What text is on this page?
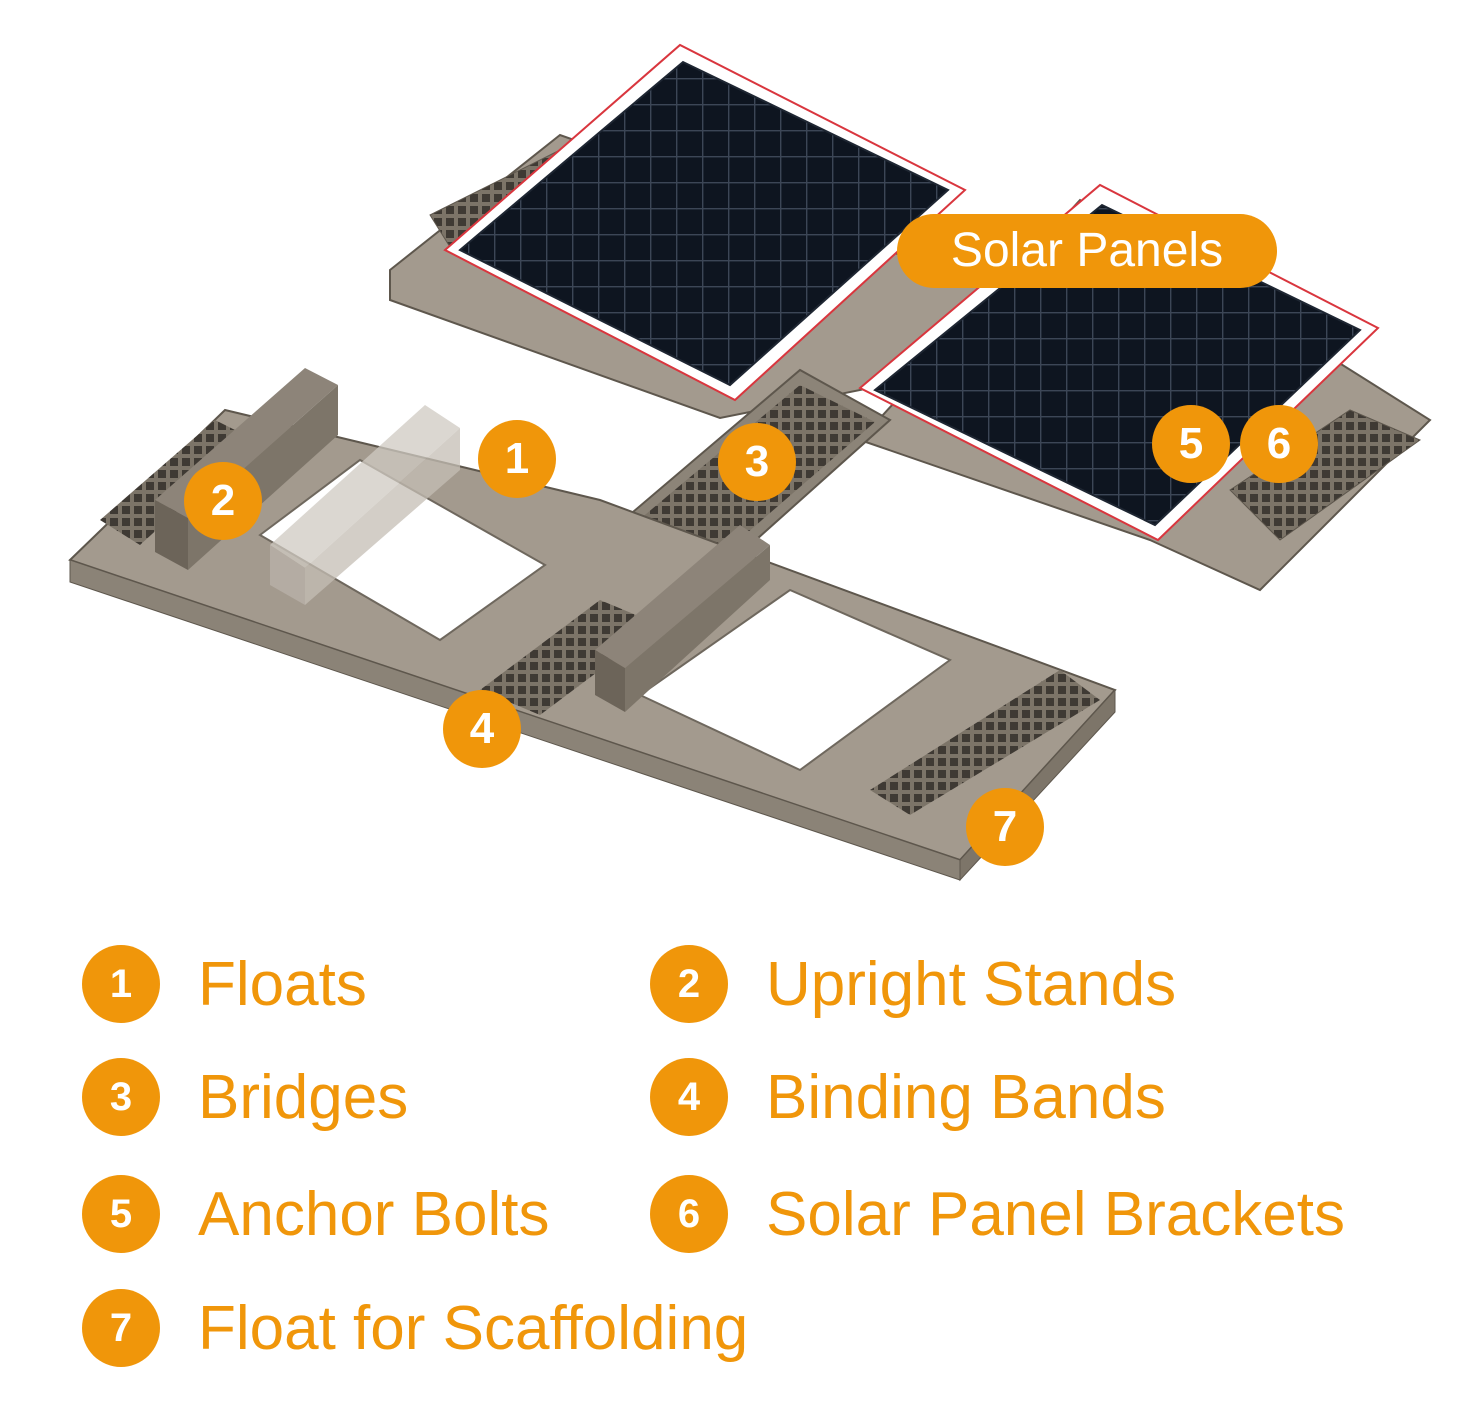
Solar Panels
1
2
3
4
5	6
7
1	Floats	2	Upright Stands
3	Bridges	4	Binding Bands
5	Anchor Bolts	6	Solar Panel Brackets
7	Float for Scaffolding
